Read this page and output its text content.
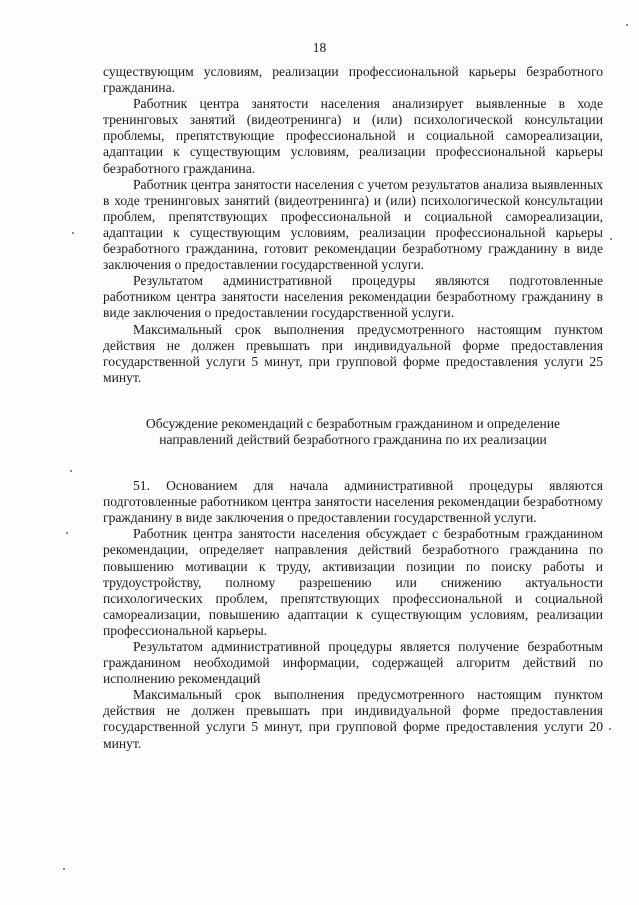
18

существующим условиям, реализации профессиональной карьеры безработного гражданина.

Работник центра занятости населения анализирует выявленные в ходе тренинговых занятий (видеотренинга) и (или) психологической консультации проблемы, препятствующие профессиональной и социальной самореализации, адаптации к существующим условиям, реализации профессиональной карьеры безработного гражданина.

Работник центра занятости населения с учетом результатов анализа выявленных в ходе тренинговых занятий (видеотренинга) и (или) психологической консультации проблем, препятствующих профессиональной и социальной самореализации, адаптации к существующим условиям, реализации профессиональной карьеры безработного гражданина, готовит рекомендации безработному гражданину в виде заключения о предоставлении государственной услуги.

Результатом административной процедуры являются подготовленные работником центра занятости населения рекомендации безработному гражданину в виде заключения о предоставлении государственной услуги.

Максимальный срок выполнения предусмотренного настоящим пунктом действия не должен превышать при индивидуальной форме предоставления государственной услуги 5 минут, при групповой форме предоставления услуги 25 минут.

Обсуждение рекомендаций с безработным гражданином и определение направлений действий безработного гражданина по их реализации

51. Основанием для начала административной процедуры являются подготовленные работником центра занятости населения рекомендации безработному гражданину в виде заключения о предоставлении государственной услуги.

Работник центра занятости населения обсуждает с безработным гражданином рекомендации, определяет направления действий безработного гражданина по повышению мотивации к труду, активизации позиции по поиску работы и трудоустройству, полному разрешению или снижению актуальности психологических проблем, препятствующих профессиональной и социальной самореализации, повышению адаптации к существующим условиям, реализации профессиональной карьеры.

Результатом административной процедуры является получение безработным гражданином необходимой информации, содержащей алгоритм действий по исполнению рекомендаций

Максимальный срок выполнения предусмотренного настоящим пунктом действия не должен превышать при индивидуальной форме предоставления государственной услуги 5 минут, при групповой форме предоставления услуги 20 минут.
